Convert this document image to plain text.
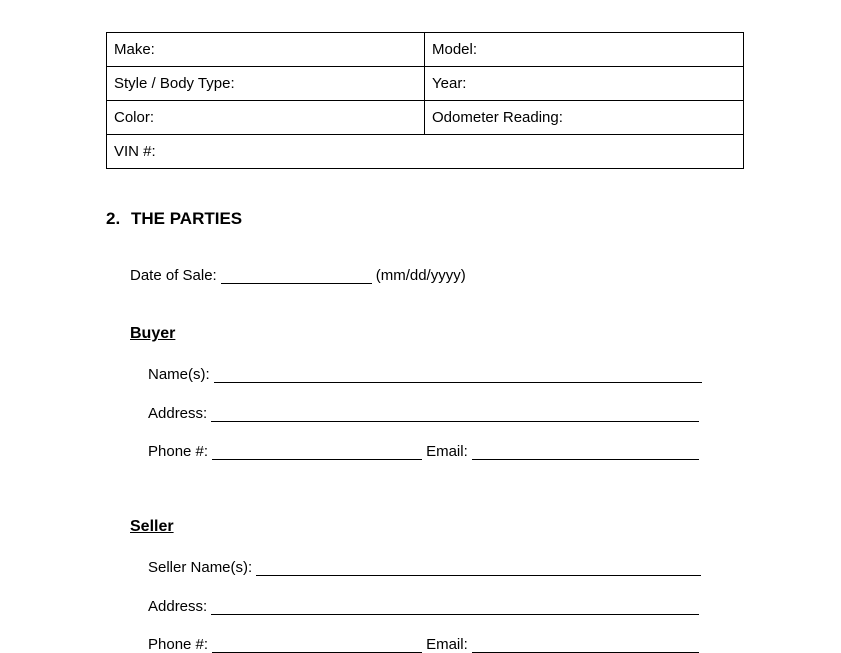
Make:	Model:
Style / Body Type:	Year:
Color:	Odometer Reading:
VIN #:	
2. THE PARTIES
Date of Sale:	(mm/dd/yyyy)
Buyer
Name(s):
Address:
Phone #:	Email:
Seller
Seller Name(s):
Address:
Phone #:	Email:
